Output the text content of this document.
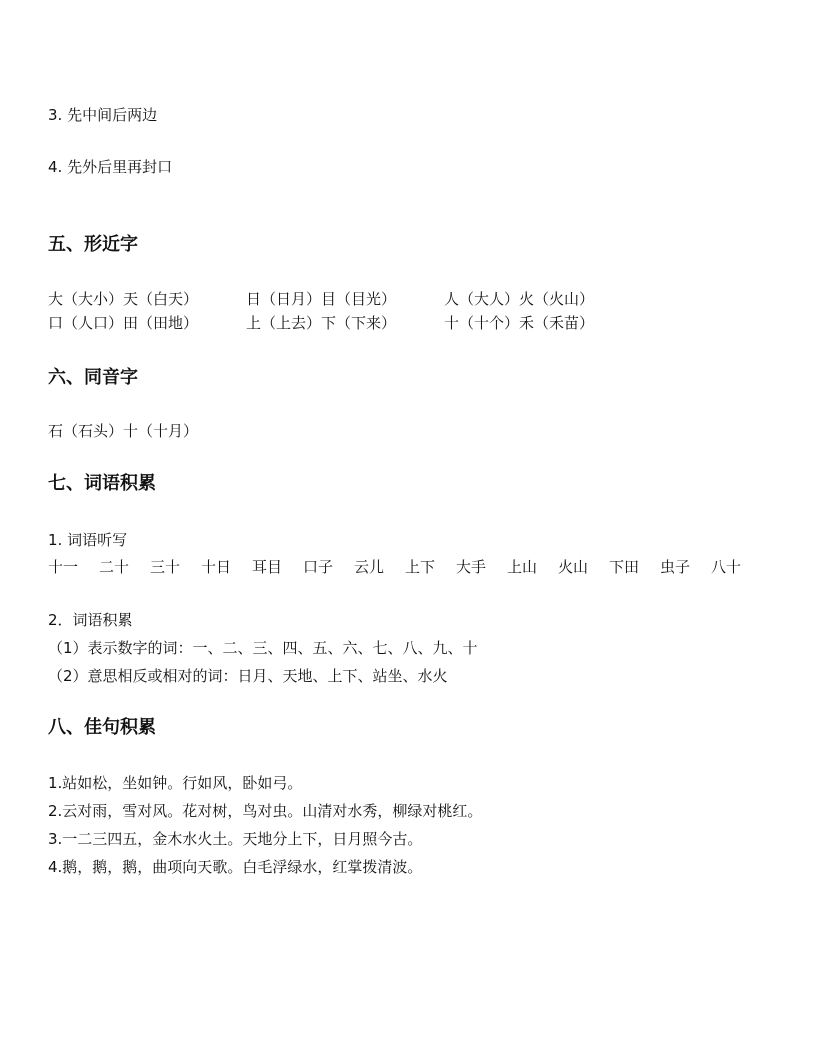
3. 先中间后两边
4. 先外后里再封口
五、形近字
大（大小）天（白天）	日（日月）目（目光）	人（大人）火（火山）
口（人口）田（田地）	上（上去）下（下来）	十（十个）禾（禾苗）
六、同音字
石（石头）十（十月）
七、词语积累
1. 词语听写
十一 二十 三十 十日 耳目 口子 云儿 上下 大手 上山 火山 下田 虫子 八十
2．词语积累
（1）表示数字的词：一、二、三、四、五、六、七、八、九、十
（2）意思相反或相对的词：日月、天地、上下、站坐、水火
八、佳句积累
1.站如松，坐如钟。行如风，卧如弓。
2.云对雨，雪对风。花对树，鸟对虫。山清对水秀，柳绿对桃红。
3.一二三四五，金木水火土。天地分上下，日月照今古。
4.鹅，鹅，鹅，曲项向天歌。白毛浮绿水，红掌拨清波。
